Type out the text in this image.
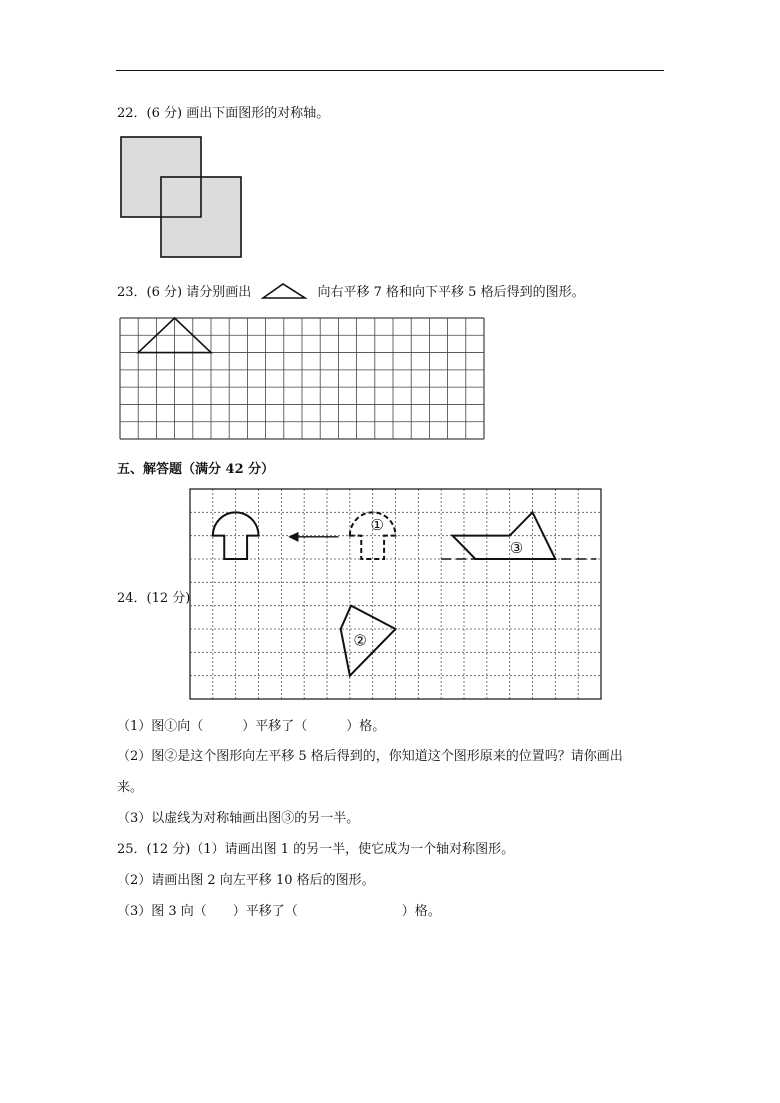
22．(6 分) 画出下面图形的对称轴。
23．(6 分) 请分别画出	向右平移 7 格和向下平移 5 格后得到的图形。
五、解答题（满分 42 分）
24．(12 分)
①
③
②
（1）图①向（　　　）平移了（　　　）格。
（2）图②是这个图形向左平移 5 格后得到的，你知道这个图形原来的位置吗？请你画出
来。
（3）以虚线为对称轴画出图③的另一半。
25．(12 分)（1）请画出图 1 的另一半，使它成为一个轴对称图形。
（2）请画出图 2 向左平移 10 格后的图形。
（3）图 3 向（　　）平移了（　　　　　　　　）格。
